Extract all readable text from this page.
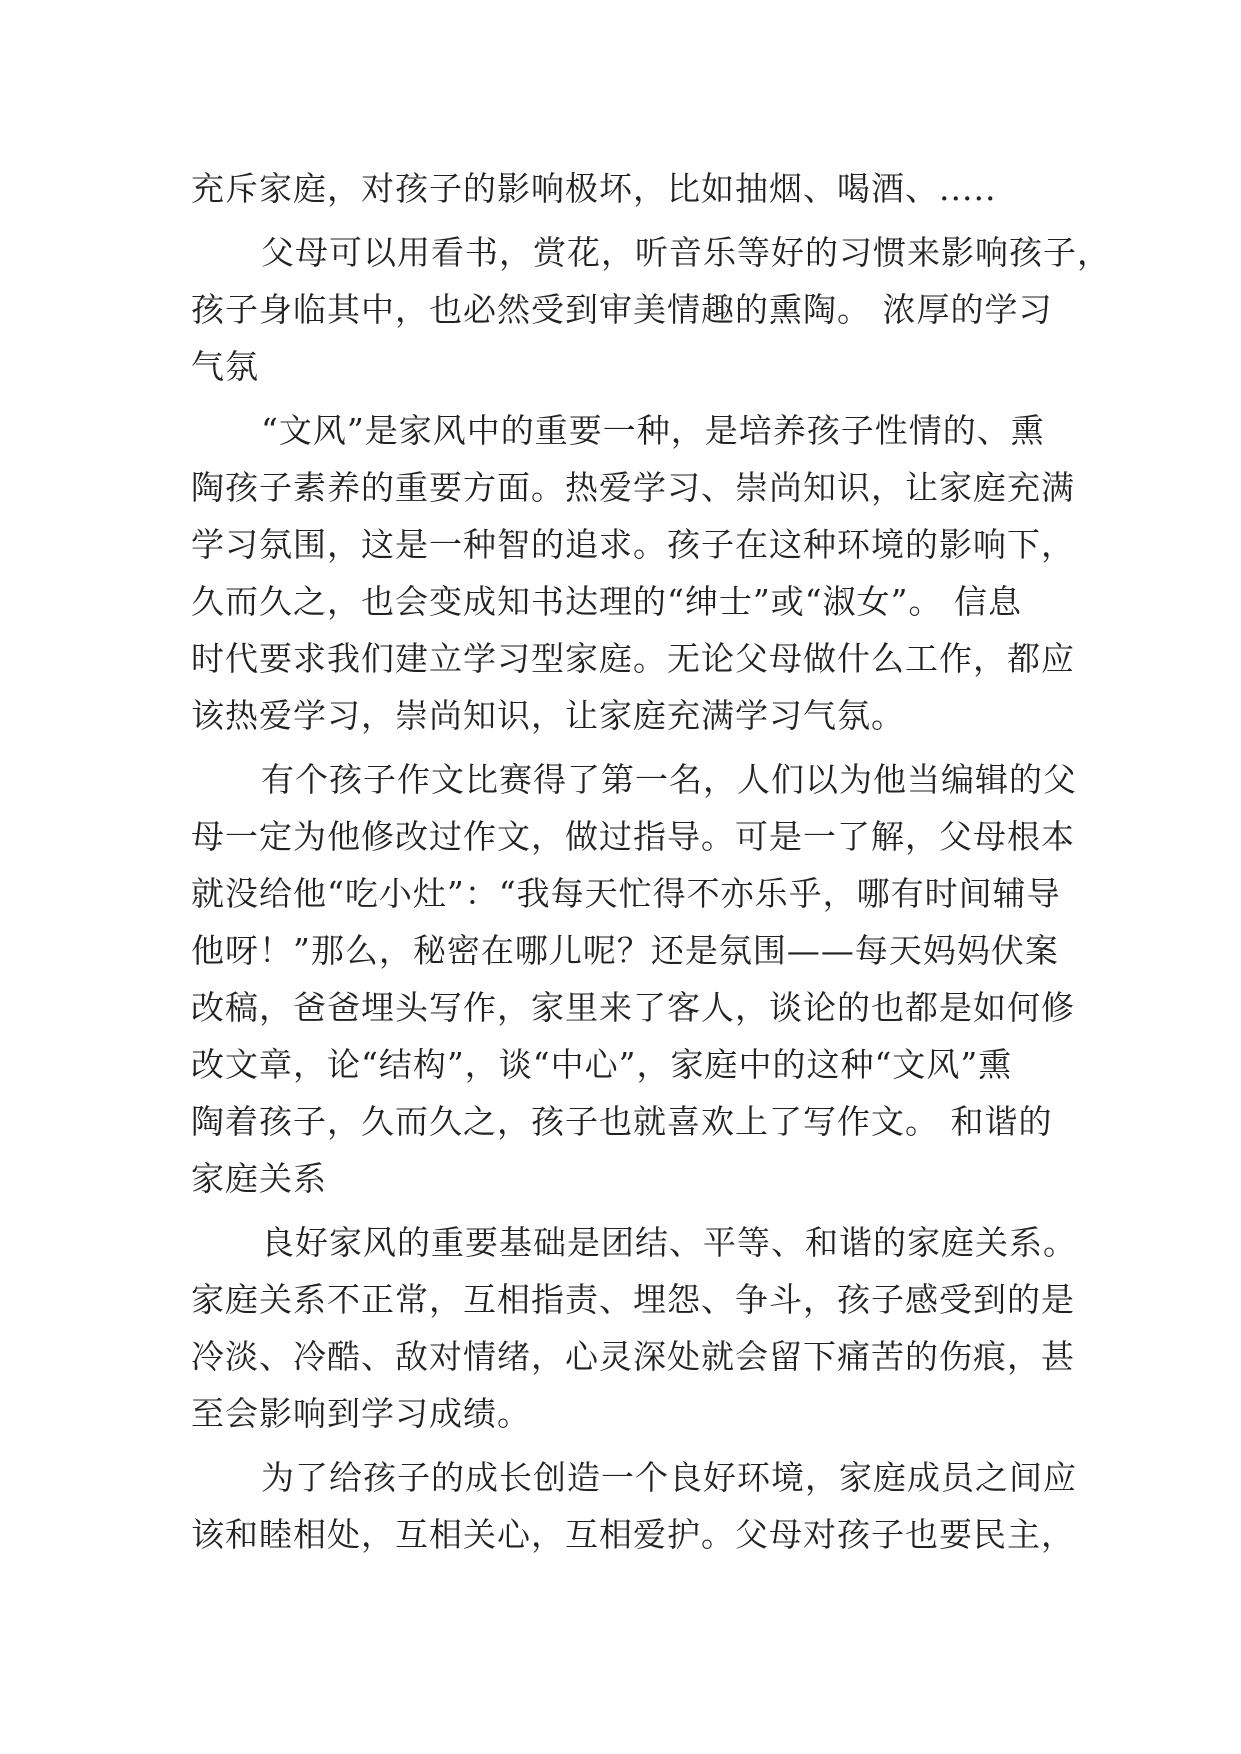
充斥家庭，对孩子的影响极坏，比如抽烟、喝酒、.....
父母可以用看书，赏花，听音乐等好的习惯来影响孩子，
孩子身临其中，也必然受到审美情趣的熏陶。 浓厚的学习
气氛
“文风”是家风中的重要一种，是培养孩子性情的、熏
陶孩子素养的重要方面。热爱学习、崇尚知识，让家庭充满
学习氛围，这是一种智的追求。孩子在这种环境的影响下，
久而久之，也会变成知书达理的“绅士”或“淑女”。 信息
时代要求我们建立学习型家庭。无论父母做什么工作，都应
该热爱学习，崇尚知识，让家庭充满学习气氛。
有个孩子作文比赛得了第一名，人们以为他当编辑的父
母一定为他修改过作文，做过指导。可是一了解，父母根本
就没给他“吃小灶”：“我每天忙得不亦乐乎，哪有时间辅导
他呀！”那么，秘密在哪儿呢？还是氛围——每天妈妈伏案
改稿，爸爸埋头写作，家里来了客人，谈论的也都是如何修
改文章，论“结构”，谈“中心”，家庭中的这种“文风”熏
陶着孩子，久而久之，孩子也就喜欢上了写作文。 和谐的
家庭关系
良好家风的重要基础是团结、平等、和谐的家庭关系。
家庭关系不正常，互相指责、埋怨、争斗，孩子感受到的是
冷淡、冷酷、敌对情绪，心灵深处就会留下痛苦的伤痕，甚
至会影响到学习成绩。
为了给孩子的成长创造一个良好环境，家庭成员之间应
该和睦相处，互相关心，互相爱护。父母对孩子也要民主，
